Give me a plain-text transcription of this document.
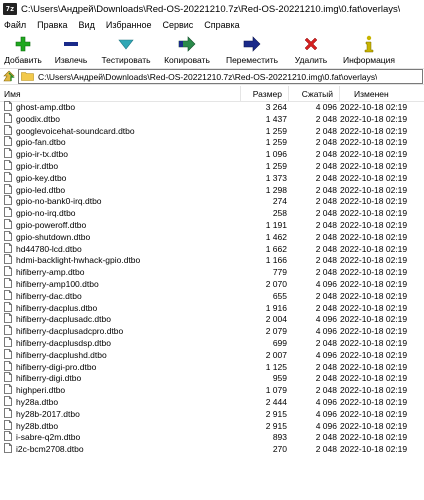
7z C:\Users\Андрей\Downloads\Red-OS-20221210.7z\Red-OS-20221210.img\0.fat\overlays\
Файл	Правка	Вид	Избранное	Сервис	Справка
Добавить Извлечь Тестировать Копировать Переместить Удалить Информация
C:\Users\Андрей\Downloads\Red-OS-20221210.7z\Red-OS-20221210.img\0.fat\overlays\
Имя	Размер	Сжатый	Изменен
ghost-amp.dtbo	3 264	4 096 2022-10-18 02:19
goodix.dtbo	1 437	2 048 2022-10-18 02:19
googlevoicehat-soundcard.dtbo	1 259	2 048 2022-10-18 02:19
gpio-fan.dtbo	1 259	2 048 2022-10-18 02:19
gpio-ir-tx.dtbo	1 096	2 048 2022-10-18 02:19
gpio-ir.dtbo	1 259	2 048 2022-10-18 02:19
gpio-key.dtbo	1 373	2 048 2022-10-18 02:19
gpio-led.dtbo	1 298	2 048 2022-10-18 02:19
gpio-no-bank0-irq.dtbo	274	2 048 2022-10-18 02:19
gpio-no-irq.dtbo	258	2 048 2022-10-18 02:19
gpio-poweroff.dtbo	1 191	2 048 2022-10-18 02:19
gpio-shutdown.dtbo	1 462	2 048 2022-10-18 02:19
hd44780-lcd.dtbo	1 662	2 048 2022-10-18 02:19
hdmi-backlight-hwhack-gpio.dtbo	1 166	2 048 2022-10-18 02:19
hifiberry-amp.dtbo	779	2 048 2022-10-18 02:19
hifiberry-amp100.dtbo	2 070	4 096 2022-10-18 02:19
hifiberry-dac.dtbo	655	2 048 2022-10-18 02:19
hifiberry-dacplus.dtbo	1 916	2 048 2022-10-18 02:19
hifiberry-dacplusadc.dtbo	2 004	4 096 2022-10-18 02:19
hifiberry-dacplusadcpro.dtbo	2 079	4 096 2022-10-18 02:19
hifiberry-dacplusdsp.dtbo	699	2 048 2022-10-18 02:19
hifiberry-dacplushd.dtbo	2 007	4 096 2022-10-18 02:19
hifiberry-digi-pro.dtbo	1 125	2 048 2022-10-18 02:19
hifiberry-digi.dtbo	959	2 048 2022-10-18 02:19
highperi.dtbo	1 079	2 048 2022-10-18 02:19
hy28a.dtbo	2 444	4 096 2022-10-18 02:19
hy28b-2017.dtbo	2 915	4 096 2022-10-18 02:19
hy28b.dtbo	2 915	4 096 2022-10-18 02:19
i-sabre-q2m.dtbo	893	2 048 2022-10-18 02:19
i2c-bcm2708.dtbo	270	2 048 2022-10-18 02:19
